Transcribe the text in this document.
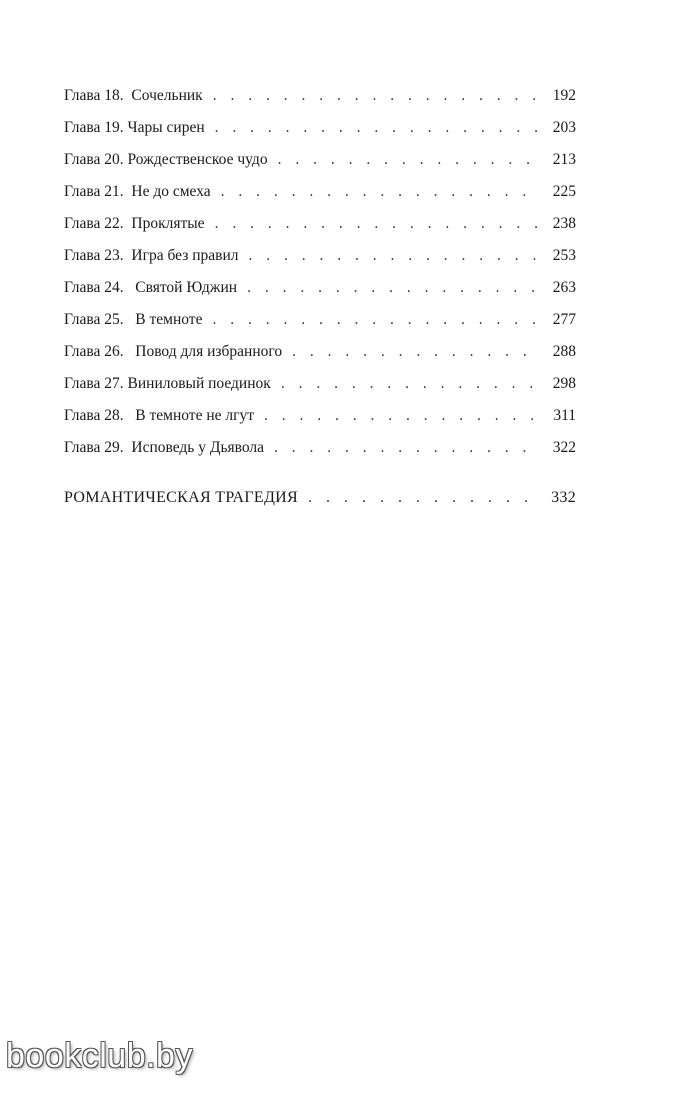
Глава 18.  Сочельник . . .	192
Глава 19. Чары сирен . . .	203
Глава 20. Рождественское чудо . . .	213
Глава 21.  Не до смеха . . .	225
Глава 22.  Проклятые . . .	238
Глава 23.  Игра без правил . . .	253
Глава 24.   Святой Юджин . . .	263
Глава 25.   В темноте . . .	277
Глава 26.   Повод для избранного . . .	288
Глава 27. Виниловый поединок . . .	298
Глава 28.   В темноте не лгут . . .	311
Глава 29.  Исповедь у Дьявола . . .	322
РОМАНТИЧЕСКАЯ ТРАГЕДИЯ . . .	332
bookclub.by
